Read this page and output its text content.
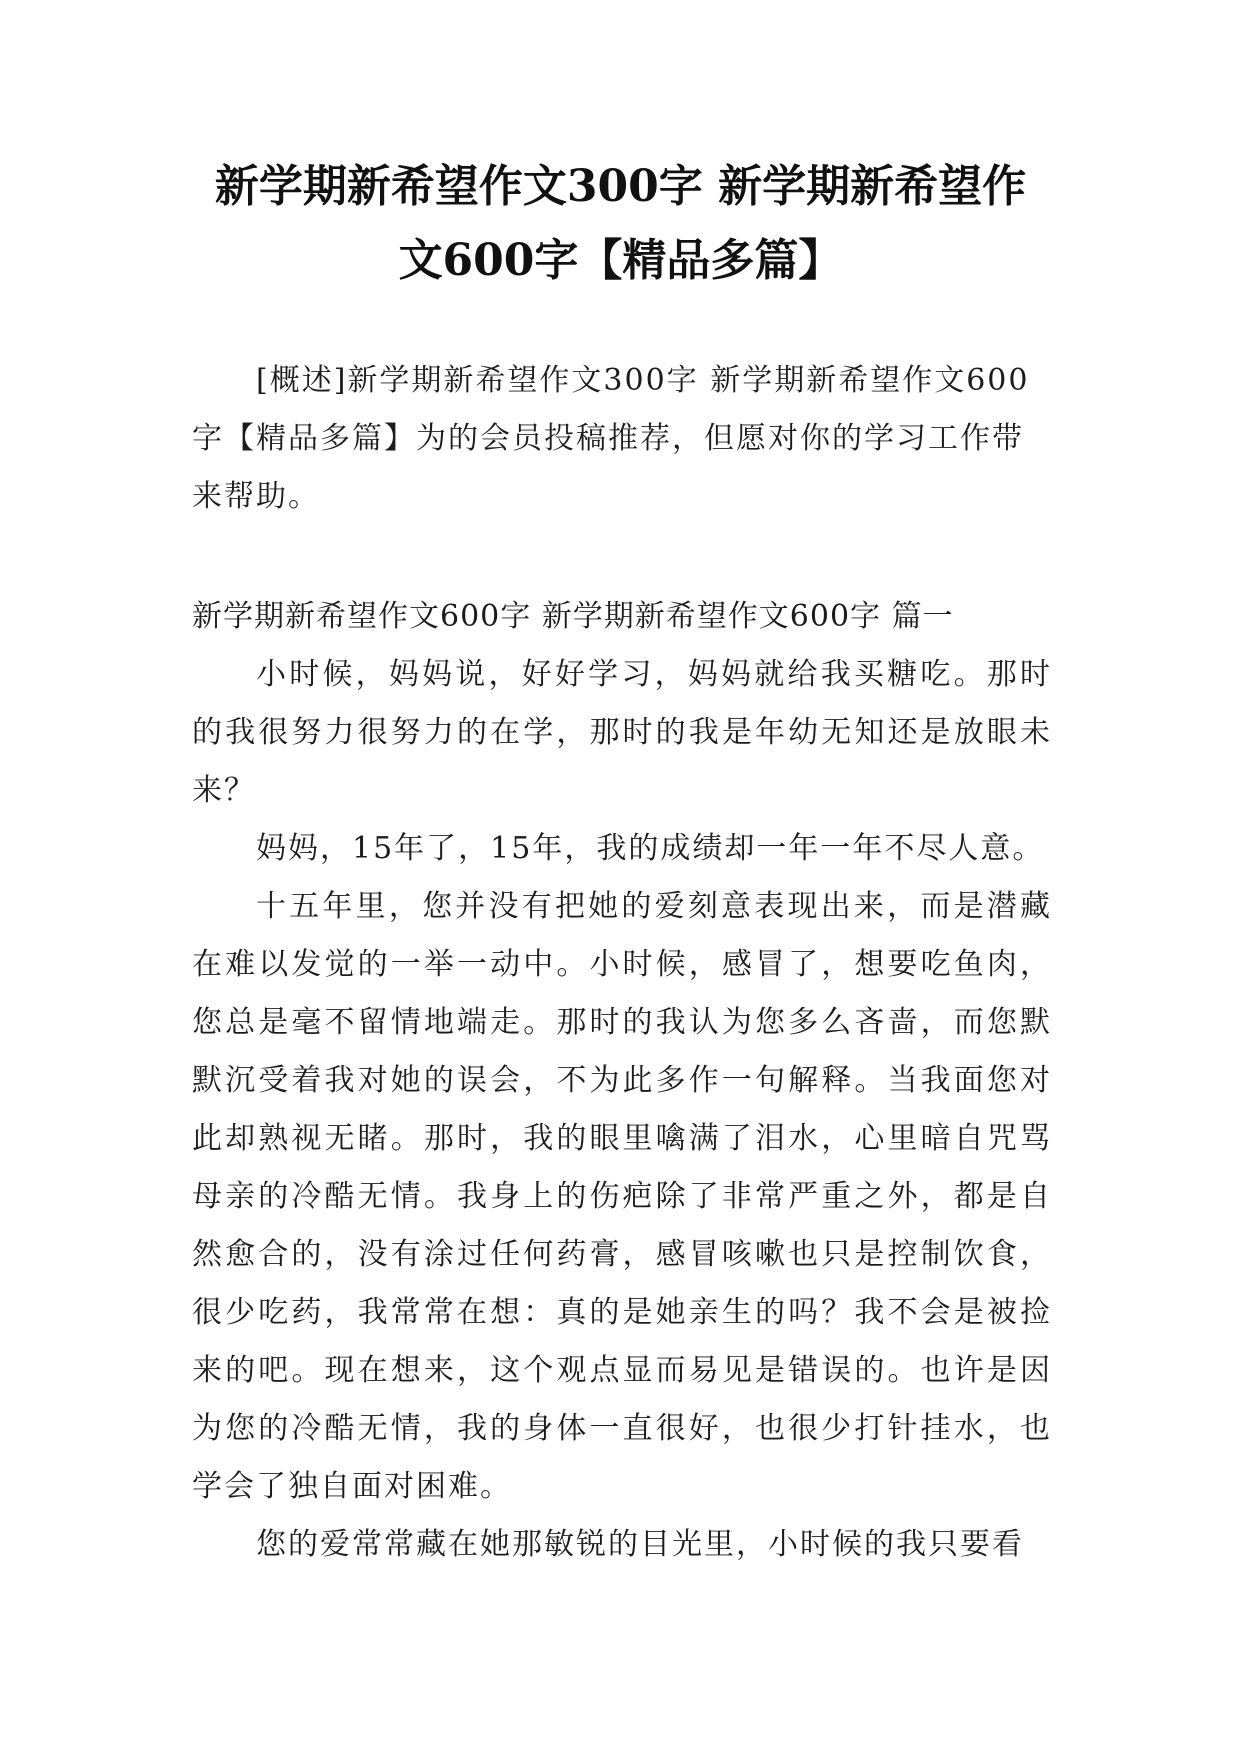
新学期新希望作文300字 新学期新希望作
文600字【精品多篇】

[概述]新学期新希望作文300字 新学期新希望作文600字【精品多篇】为的会员投稿推荐，但愿对你的学习工作带来帮助。

新学期新希望作文600字 新学期新希望作文600字 篇一

小时候，妈妈说，好好学习，妈妈就给我买糖吃。那时的我很努力很努力的在学，那时的我是年幼无知还是放眼未来？

妈妈，15年了，15年，我的成绩却一年一年不尽人意。

十五年里，您并没有把她的爱刻意表现出来，而是潜藏在难以发觉的一举一动中。小时候，感冒了，想要吃鱼肉，您总是毫不留情地端走。那时的我认为您多么吝啬，而您默默沉受着我对她的误会，不为此多作一句解释。当我面您对此却熟视无睹。那时，我的眼里噙满了泪水，心里暗自咒骂母亲的冷酷无情。我身上的伤疤除了非常严重之外，都是自然愈合的，没有涂过任何药膏，感冒咳嗽也只是控制饮食，很少吃药，我常常在想：真的是她亲生的吗？我不会是被捡来的吧。现在想来，这个观点显而易见是错误的。也许是因为您的冷酷无情，我的身体一直很好，也很少打针挂水，也学会了独自面对困难。

您的爱常常藏在她那敏锐的目光里，小时候的我只要看
